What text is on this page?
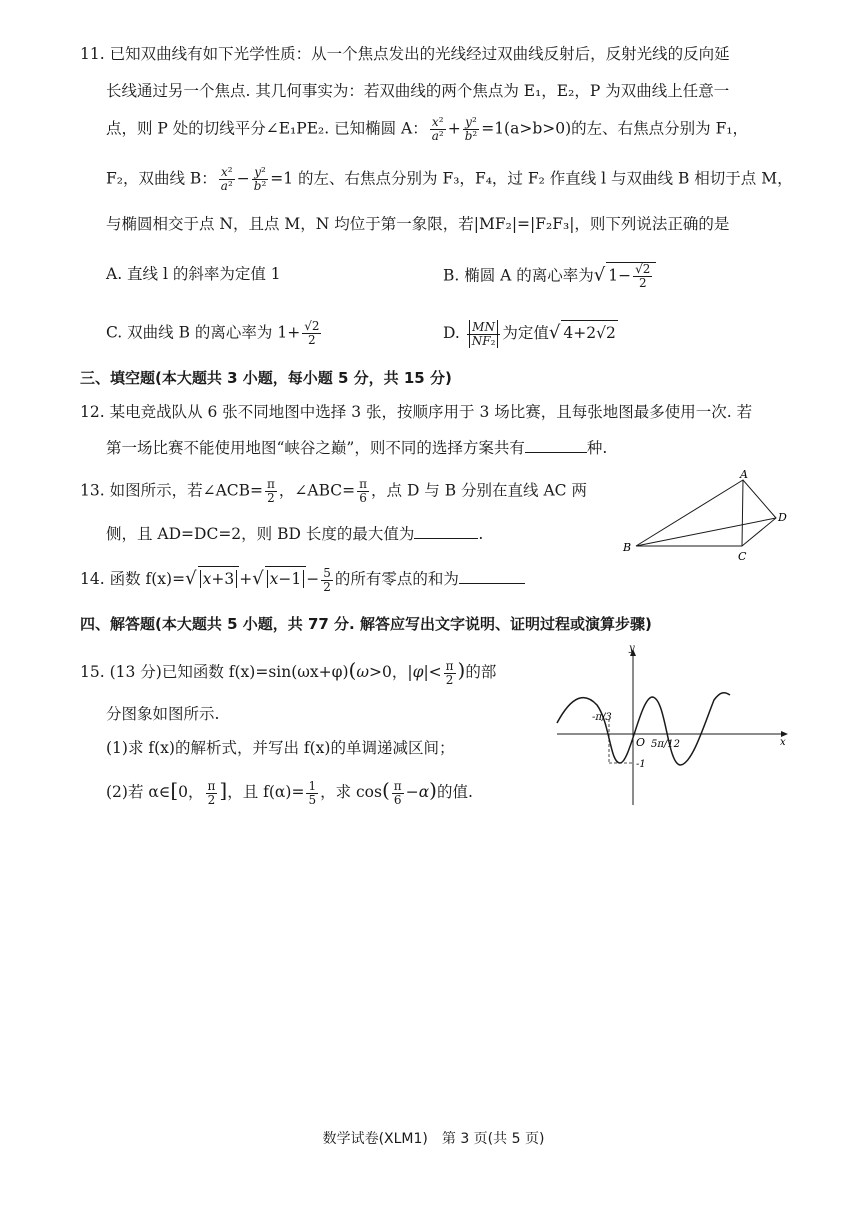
11. 已知双曲线有如下光学性质：从一个焦点发出的光线经过双曲线反射后，反射光线的反向延
长线通过另一个焦点. 其几何事实为：若双曲线的两个焦点为 E₁，E₂，P 为双曲线上任意一
点，则 P 处的切线平分∠E₁PE₂. 已知椭圆 A： $\frac{\text{x²}}{\text{a²}} + \frac{\text{y²}}{\text{b²}} =1(a>b>0)$的左、右焦点分别为 F₁，
F₂，双曲线 B： $\frac{\text{x²}}{\text{a²}} - \frac{\text{y²}}{\text{b²}} =1$ 的左、右焦点分别为 F₃，F₄，过 F₂ 作直线 l 与双曲线 B 相切于点 M，
与椭圆相交于点 N，且点 M，N 均位于第一象限，若|MF₂|=|F₂F₃|，则下列说法正确的是
A. 直线 l 的斜率为定值 1	B. 椭圆 A 的离心率为√ $1- \frac{√2}{2}$
C. 双曲线 B 的离心率为 $1+ \frac{√2}{2}$	D. $\frac{MN}{\text{NF₂}}$ 为定值√ 4+2√2
三、填空题(本大题共 3 小题，每小题 5 分，共 15 分)
12. 某电竞战队从 6 张不同地图中选择 3 张，按顺序用于 3 场比赛，且每张地图最多使用一次. 若
第一场比赛不能使用地图“峡谷之巅”，则不同的选择方案共有	种.
13. 如图所示，若∠ACB= $\frac{\pi}{2}$ ，∠ABC= $\frac{\pi}{6}$ ，点 D 与 B 分别在直线 AC 两
侧，且 AD=DC=2，则 BD 长度的最大值为	.
A
B
C
D
14. 函数 f(x)=√ x+3 +√ $x-1 - \frac{5}{2}$ 的所有零点的和为
四、解答题(本大题共 5 小题，共 77 分. 解答应写出文字说明、证明过程或演算步骤)
15. (13 分)已知函数 f(x)=sin(ωx+φ)(ω>0，$|\varphi|< \frac{\pi}{2}$ )的部
分图象如图所示.
(1)求 f(x)的解析式，并写出 f(x)的单调递减区间；
(2)若 α∈[0， $\frac{\pi}{2}$ ]，且 $f(\alpha)= \frac{1}{5}$ ，求 $\cos( \frac{\pi}{6} -\alpha)$的值.
y
x
O
-1
-π/3
5π/12
数学试卷(XLM1)　第 3 页(共 5 页)
